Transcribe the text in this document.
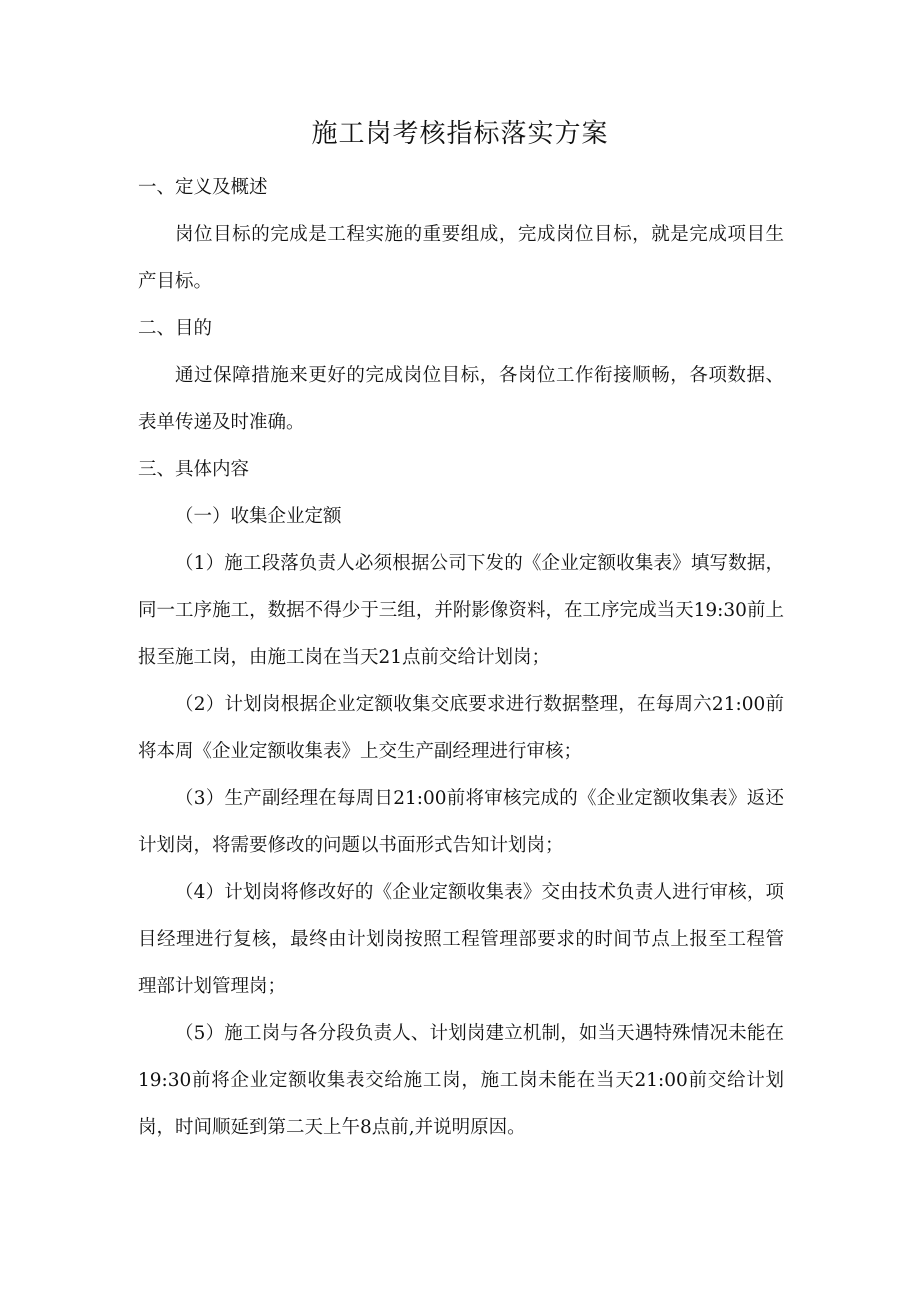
施工岗考核指标落实方案

一、定义及概述

岗位目标的完成是工程实施的重要组成，完成岗位目标，就是完成项目生产目标。

二、目的

通过保障措施来更好的完成岗位目标，各岗位工作衔接顺畅，各项数据、表单传递及时准确。

三、具体内容

（一）收集企业定额

（1）施工段落负责人必须根据公司下发的《企业定额收集表》填写数据，同一工序施工，数据不得少于三组，并附影像资料，在工序完成当天19:30前上报至施工岗，由施工岗在当天21点前交给计划岗；

（2）计划岗根据企业定额收集交底要求进行数据整理，在每周六21:00前将本周《企业定额收集表》上交生产副经理进行审核；

（3）生产副经理在每周日21:00前将审核完成的《企业定额收集表》返还计划岗，将需要修改的问题以书面形式告知计划岗；

（4）计划岗将修改好的《企业定额收集表》交由技术负责人进行审核，项目经理进行复核，最终由计划岗按照工程管理部要求的时间节点上报至工程管理部计划管理岗；

（5）施工岗与各分段负责人、计划岗建立机制，如当天遇特殊情况未能在19:30前将企业定额收集表交给施工岗，施工岗未能在当天21:00前交给计划岗，时间顺延到第二天上午8点前,并说明原因。
